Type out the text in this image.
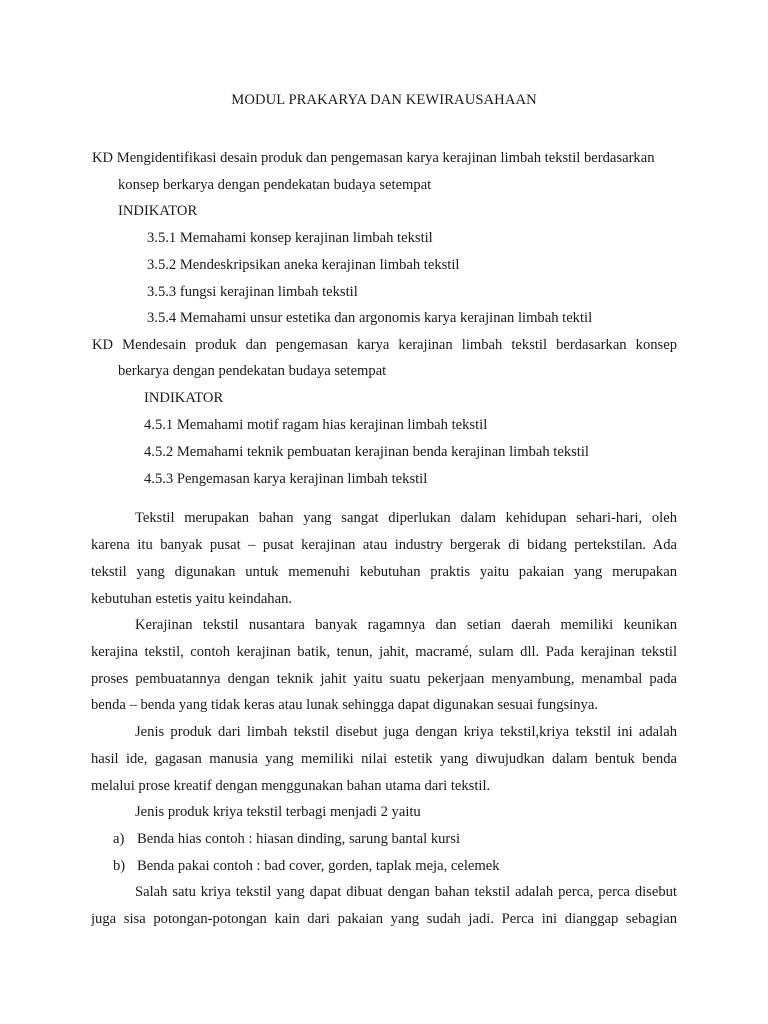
MODUL PRAKARYA DAN KEWIRAUSAHAAN
KD Mengidentifikasi desain produk dan pengemasan karya kerajinan limbah tekstil berdasarkan
konsep berkarya dengan pendekatan budaya setempat
INDIKATOR
3.5.1 Memahami konsep kerajinan limbah tekstil
3.5.2 Mendeskripsikan aneka kerajinan limbah tekstil
3.5.3 fungsi kerajinan limbah tekstil
3.5.4 Memahami unsur estetika dan argonomis karya kerajinan limbah tektil
KD Mendesain produk dan pengemasan karya kerajinan limbah tekstil berdasarkan konsep
berkarya dengan pendekatan budaya setempat
INDIKATOR
4.5.1 Memahami motif ragam hias kerajinan limbah tekstil
4.5.2 Memahami teknik pembuatan kerajinan benda kerajinan limbah tekstil
4.5.3 Pengemasan karya kerajinan limbah tekstil
Tekstil merupakan bahan yang sangat diperlukan dalam kehidupan sehari-hari, oleh
karena itu banyak pusat – pusat kerajinan atau industry bergerak di bidang pertekstilan. Ada
tekstil yang digunakan untuk memenuhi kebutuhan praktis yaitu pakaian yang merupakan
kebutuhan estetis yaitu keindahan.
Kerajinan tekstil nusantara banyak ragamnya dan setian daerah memiliki keunikan
kerajina tekstil, contoh kerajinan batik, tenun, jahit, macramé, sulam dll. Pada kerajinan tekstil
proses pembuatannya dengan teknik jahit yaitu suatu pekerjaan menyambung, menambal pada
benda – benda yang tidak keras atau lunak sehingga dapat digunakan sesuai fungsinya.
Jenis produk dari limbah tekstil disebut juga dengan kriya tekstil,kriya tekstil ini adalah
hasil ide, gagasan manusia yang memiliki nilai estetik yang diwujudkan dalam bentuk benda
melalui prose kreatif dengan menggunakan bahan utama dari tekstil.
Jenis produk kriya tekstil terbagi menjadi 2 yaitu
a) Benda hias contoh : hiasan dinding, sarung bantal kursi
b) Benda pakai contoh : bad cover, gorden, taplak meja, celemek
Salah satu kriya tekstil yang dapat dibuat dengan bahan tekstil adalah perca, perca disebut
juga sisa potongan-potongan kain dari pakaian yang sudah jadi. Perca ini dianggap sebagian
